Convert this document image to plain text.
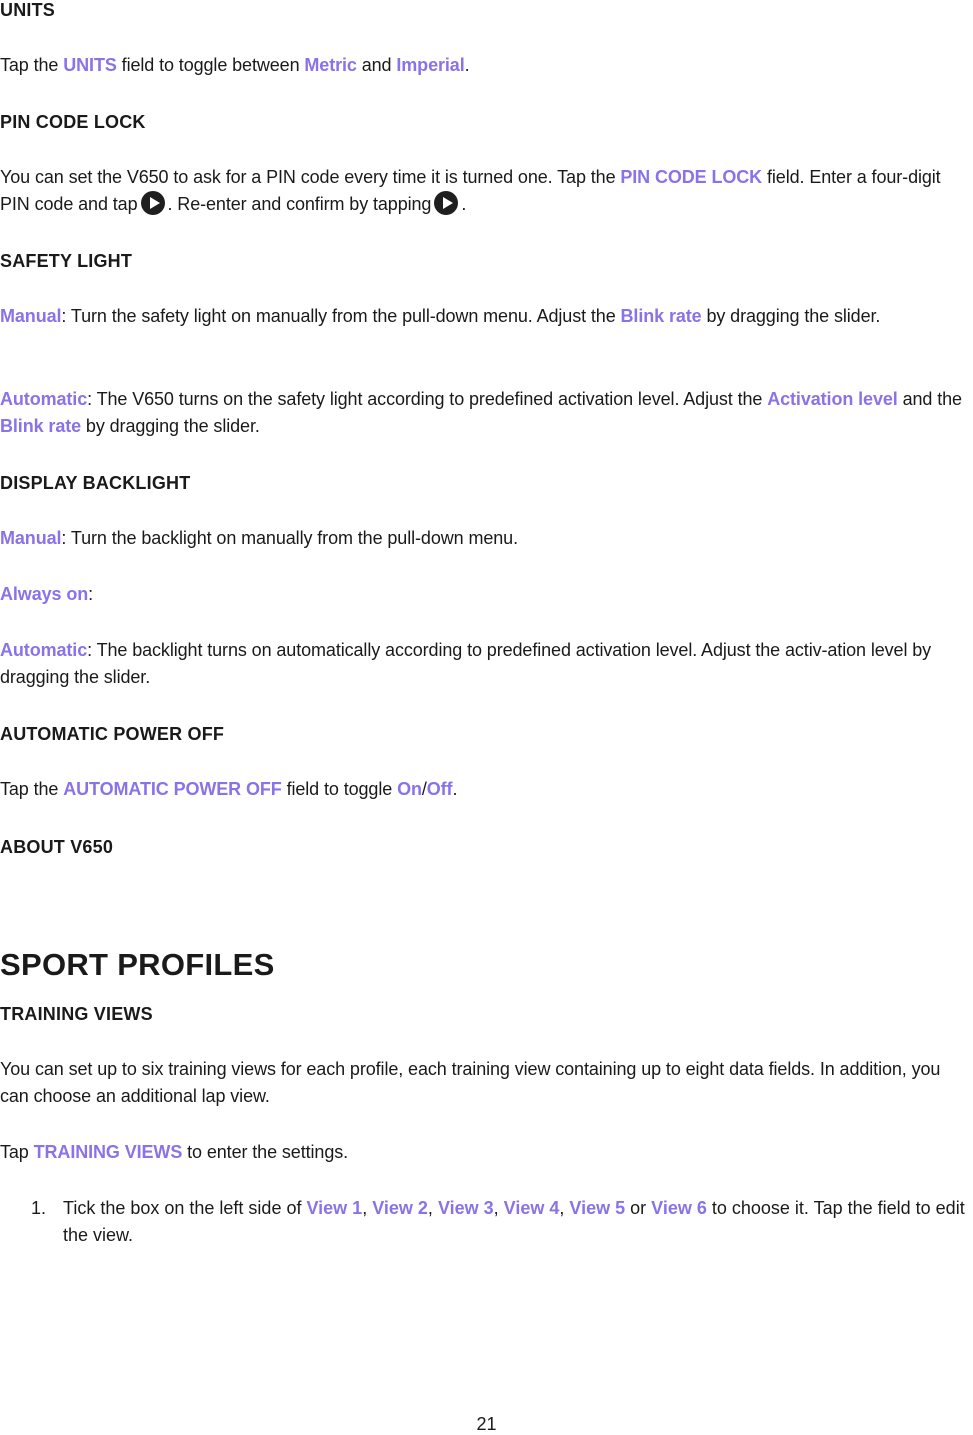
UNITS

Tap the UNITS field to toggle between Metric and Imperial.

PIN CODE LOCK

You can set the V650 to ask for a PIN code every time it is turned one. Tap the PIN CODE LOCK field. Enter a four-digit PIN code and tap . Re-enter and confirm by tapping .

SAFETY LIGHT

Manual: Turn the safety light on manually from the pull-down menu. Adjust the Blink rate by dragging the slider.

Automatic: The V650 turns on the safety light according to predefined activation level. Adjust the Activation level and the Blink rate by dragging the slider.

DISPLAY BACKLIGHT

Manual: Turn the backlight on manually from the pull-down menu.

Always on:

Automatic: The backlight turns on automatically according to predefined activation level. Adjust the activ-ation level by dragging the slider.

AUTOMATIC POWER OFF

Tap the AUTOMATIC POWER OFF field to toggle On/Off.

ABOUT V650
SPORT PROFILES
TRAINING VIEWS

You can set up to six training views for each profile, each training view containing up to eight data fields. In addition, you can choose an additional lap view.

Tap TRAINING VIEWS to enter the settings.

1. Tick the box on the left side of View 1, View 2, View 3, View 4, View 5 or View 6 to choose it. Tap the field to edit the view.
21
